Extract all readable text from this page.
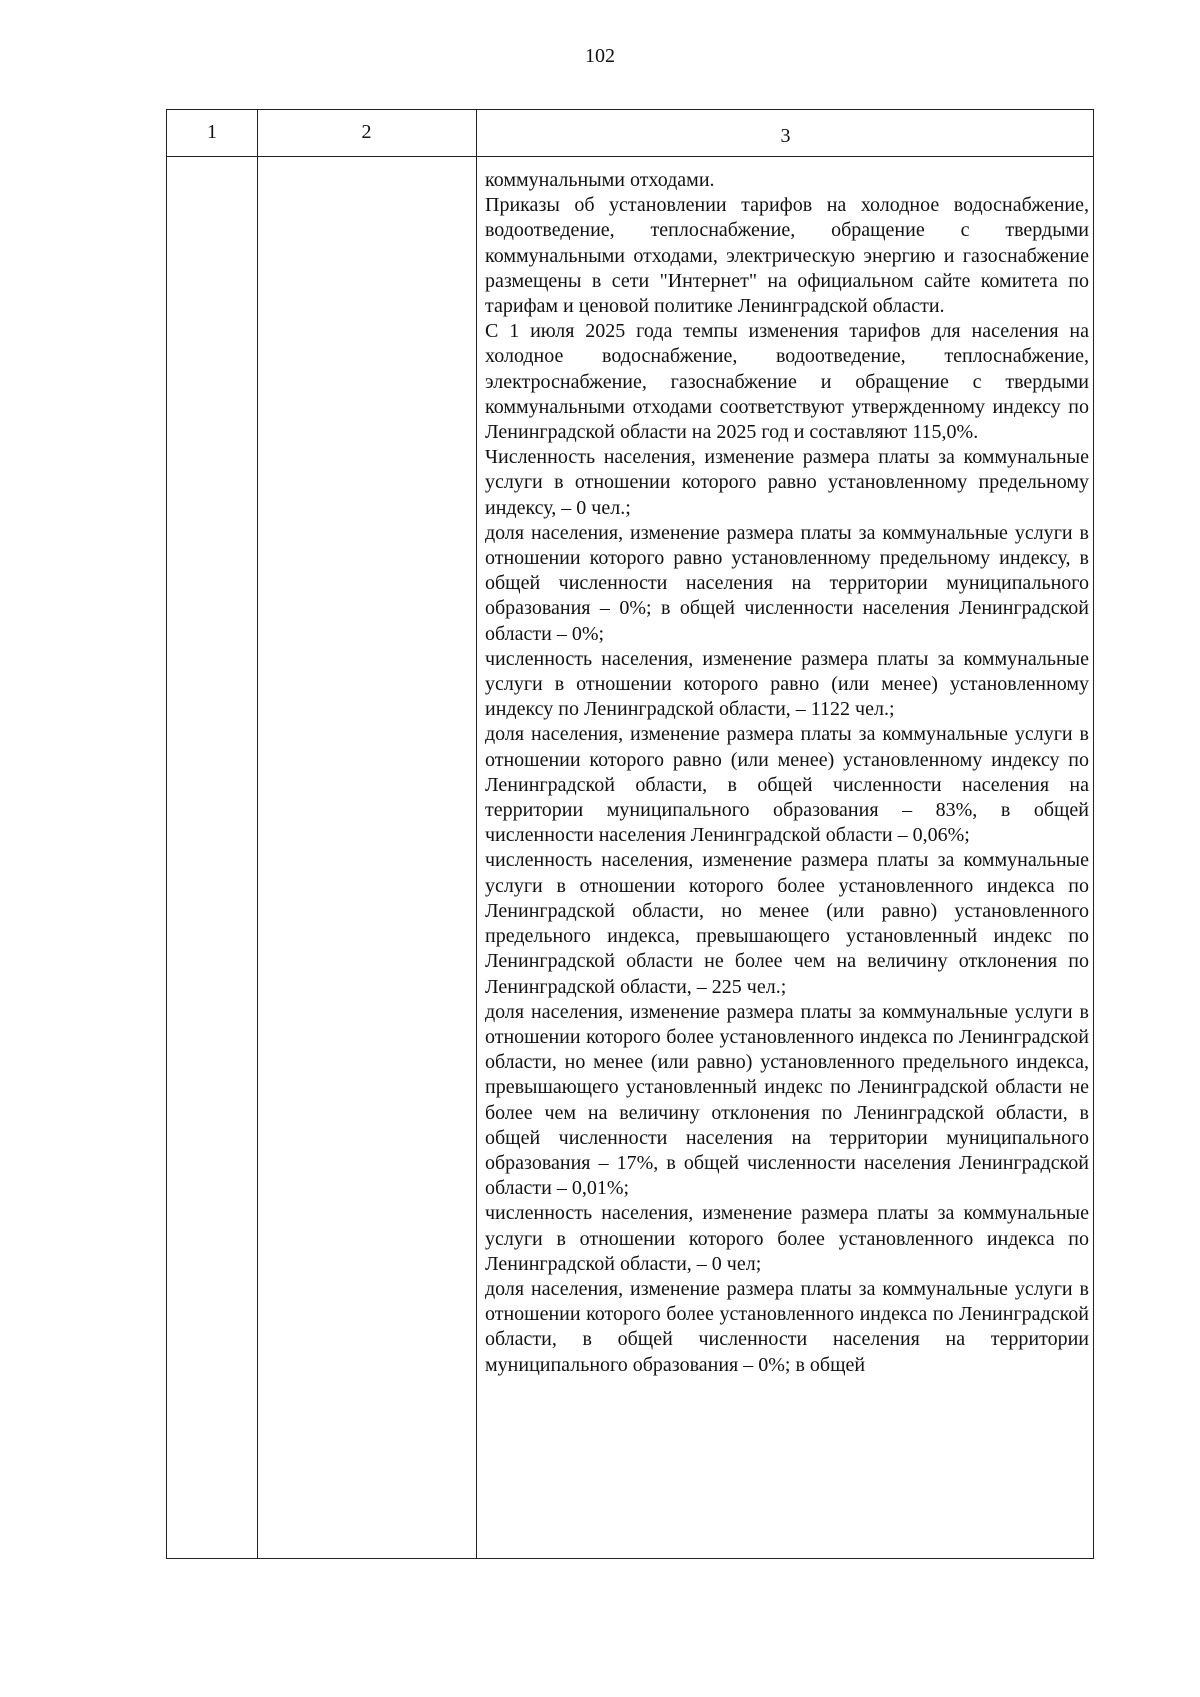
102
1	2	3

коммунальными отходами.

Приказы об установлении тарифов на холодное водоснабжение, водоотведение, теплоснабжение, обращение с твердыми коммунальными отходами, электрическую энергию и газоснабжение размещены в сети "Интернет" на официальном сайте комитета по тарифам и ценовой политике Ленинградской области.

С 1 июля 2025 года темпы изменения тарифов для населения на холодное водоснабжение, водоотведение, теплоснабжение, электроснабжение, газоснабжение и обращение с твердыми коммунальными отходами соответствуют утвержденному индексу по Ленинградской области на 2025 год и составляют 115,0%.

Численность населения, изменение размера платы за коммунальные услуги в отношении которого равно установленному предельному индексу, – 0 чел.;

доля населения, изменение размера платы за коммунальные услуги в отношении которого равно установленному предельному индексу, в общей численности населения на территории муниципального образования – 0%; в общей численности населения Ленинградской области – 0%;

численность населения, изменение размера платы за коммунальные услуги в отношении которого равно (или менее) установленному индексу по Ленинградской области, – 1122 чел.;

доля населения, изменение размера платы за коммунальные услуги в отношении которого равно (или менее) установленному индексу по Ленинградской области, в общей численности населения на территории муниципального образования – 83%, в общей численности населения Ленинградской области – 0,06%;

численность населения, изменение размера платы за коммунальные услуги в отношении которого более установленного индекса по Ленинградской области, но менее (или равно) установленного предельного индекса, превышающего установленный индекс по Ленинградской области не более чем на величину отклонения по Ленинградской области, – 225 чел.;

доля населения, изменение размера платы за коммунальные услуги в отношении которого более установленного индекса по Ленинградской области, но менее (или равно) установленного предельного индекса, превышающего установленный индекс по Ленинградской области не более чем на величину отклонения по Ленинградской области, в общей численности населения на территории муниципального образования – 17%, в общей численности населения Ленинградской области – 0,01%;

численность населения, изменение размера платы за коммунальные услуги в отношении которого более установленного индекса по Ленинградской области, – 0 чел;

доля населения, изменение размера платы за коммунальные услуги в отношении которого более установленного индекса по Ленинградской области, в общей численности населения на территории муниципального образования – 0%; в общей
